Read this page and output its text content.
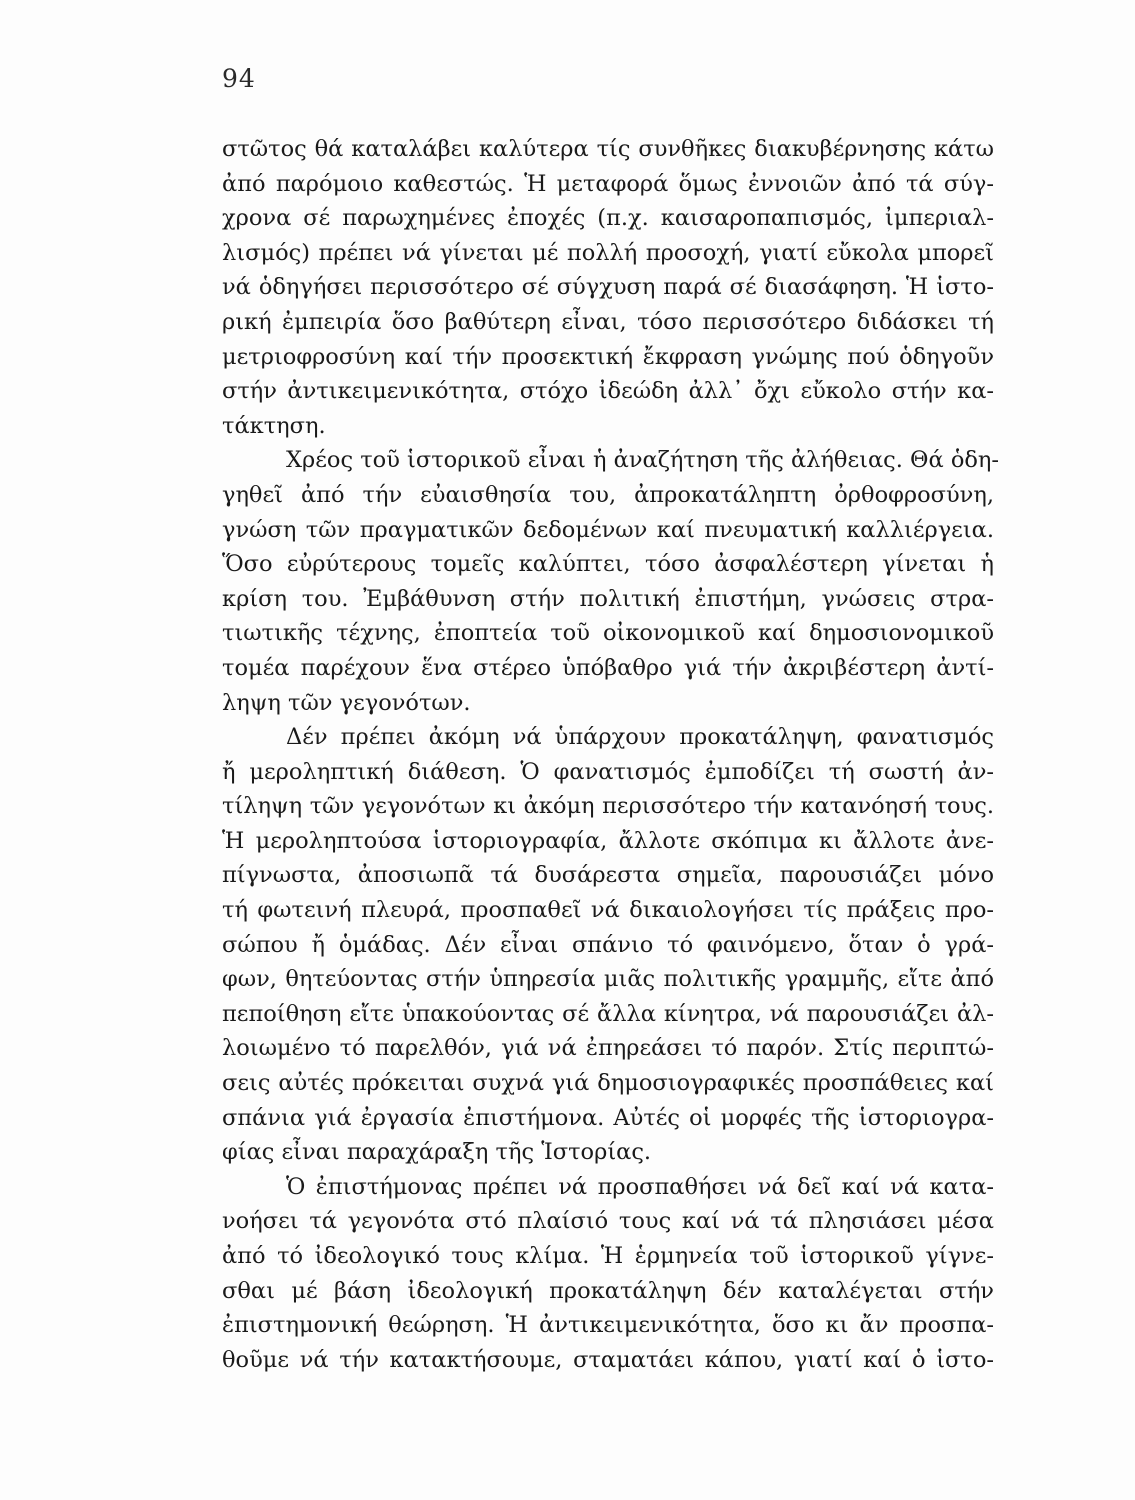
94
στῶτος θά καταλάβει καλύτερα τίς συνθῆκες διακυβέρνησης κάτω
ἀπό παρόμοιο καθεστώς. Ἡ μεταφορά ὅμως ἐννοιῶν ἀπό τά σύγ-
χρονα σέ παρωχημένες ἐποχές (π.χ. καισαροπαπισμός, ἰμπεριαλ-
λισμός) πρέπει νά γίνεται μέ πολλή προσοχή, γιατί εὔκολα μπορεῖ
νά ὁδηγήσει περισσότερο σέ σύγχυση παρά σέ διασάφηση. Ἡ ἱστο-
ρική ἐμπειρία ὅσο βαθύτερη εἶναι, τόσο περισσότερο διδάσκει τή
μετριοφροσύνη καί τήν προσεκτική ἔκφραση γνώμης πού ὁδηγοῦν
στήν ἀντικειμενικότητα, στόχο ἰδεώδη ἀλλ᾿ ὄχι εὔκολο στήν κα-
τάκτηση.
Χρέος τοῦ ἱστορικοῦ εἶναι ἡ ἀναζήτηση τῆς ἀλήθειας. Θά ὁδη-
γηθεῖ ἀπό τήν εὐαισθησία του, ἀπροκατάληπτη ὀρθοφροσύνη,
γνώση τῶν πραγματικῶν δεδομένων καί πνευματική καλλιέργεια.
Ὅσο εὐρύτερους τομεῖς καλύπτει, τόσο ἀσφαλέστερη γίνεται ἡ
κρίση του. Ἐμβάθυνση στήν πολιτική ἐπιστήμη, γνώσεις στρα-
τιωτικῆς τέχνης, ἐποπτεία τοῦ οἰκονομικοῦ καί δημοσιονομικοῦ
τομέα παρέχουν ἕνα στέρεο ὑπόβαθρο γιά τήν ἀκριβέστερη ἀντί-
ληψη τῶν γεγονότων.
Δέν πρέπει ἀκόμη νά ὑπάρχουν προκατάληψη, φανατισμός
ἤ μεροληπτική διάθεση. Ὁ φανατισμός ἐμποδίζει τή σωστή ἀν-
τίληψη τῶν γεγονότων κι ἀκόμη περισσότερο τήν κατανόησή τους.
Ἡ μεροληπτούσα ἱστοριογραφία, ἄλλοτε σκόπιμα κι ἄλλοτε ἀνε-
πίγνωστα, ἀποσιωπᾶ τά δυσάρεστα σημεῖα, παρουσιάζει μόνο
τή φωτεινή πλευρά, προσπαθεῖ νά δικαιολογήσει τίς πράξεις προ-
σώπου ἤ ὁμάδας. Δέν εἶναι σπάνιο τό φαινόμενο, ὅταν ὁ γρά-
φων, θητεύοντας στήν ὑπηρεσία μιᾶς πολιτικῆς γραμμῆς, εἴτε ἀπό
πεποίθηση εἴτε ὑπακούοντας σέ ἄλλα κίνητρα, νά παρουσιάζει ἀλ-
λοιωμένο τό παρελθόν, γιά νά ἐπηρεάσει τό παρόν. Στίς περιπτώ-
σεις αὐτές πρόκειται συχνά γιά δημοσιογραφικές προσπάθειες καί
σπάνια γιά ἐργασία ἐπιστήμονα. Αὐτές οἱ μορφές τῆς ἱστοριογρα-
φίας εἶναι παραχάραξη τῆς Ἱστορίας.
Ὁ ἐπιστήμονας πρέπει νά προσπαθήσει νά δεῖ καί νά κατα-
νοήσει τά γεγονότα στό πλαίσιό τους καί νά τά πλησιάσει μέσα
ἀπό τό ἰδεολογικό τους κλίμα. Ἡ ἑρμηνεία τοῦ ἱστορικοῦ γίγνε-
σθαι μέ βάση ἰδεολογική προκατάληψη δέν καταλέγεται στήν
ἐπιστημονική θεώρηση. Ἡ ἀντικειμενικότητα, ὅσο κι ἄν προσπα-
θοῦμε νά τήν κατακτήσουμε, σταματάει κάπου, γιατί καί ὁ ἱστο-
